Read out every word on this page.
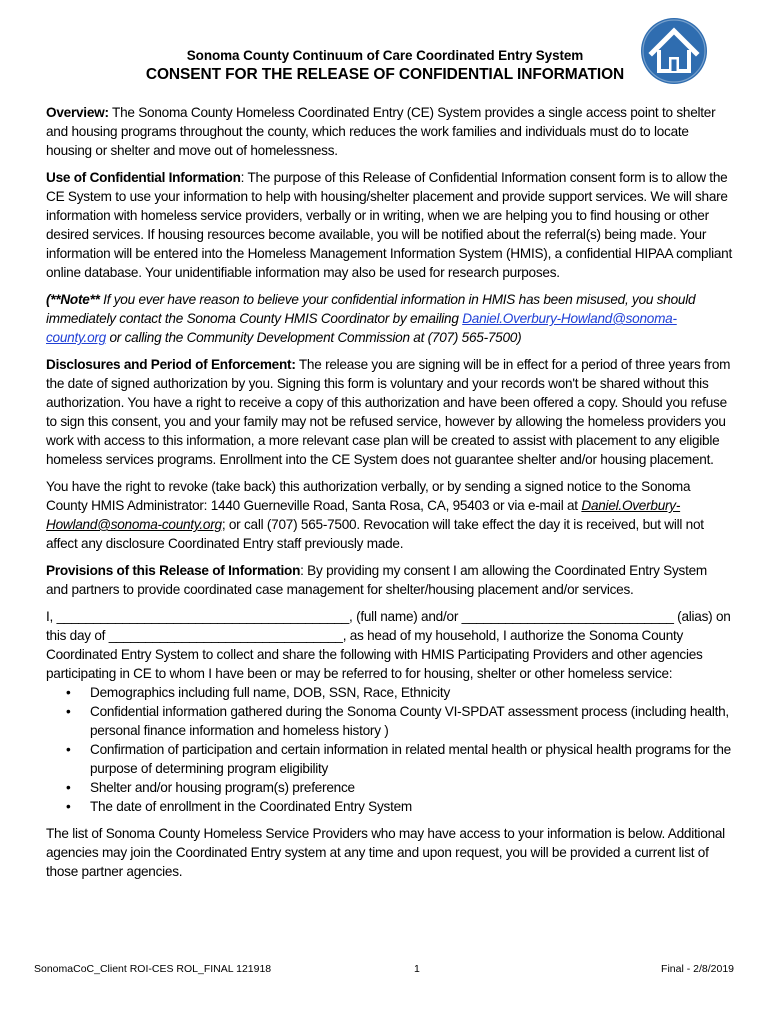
Sonoma County Continuum of Care Coordinated Entry System
CONSENT FOR THE RELEASE OF CONFIDENTIAL INFORMATION

Overview: The Sonoma County Homeless Coordinated Entry (CE) System provides a single access point to shelter and housing programs throughout the county, which reduces the work families and individuals must do to locate housing or shelter and move out of homelessness.

Use of Confidential Information: The purpose of this Release of Confidential Information consent form is to allow the CE System to use your information to help with housing/shelter placement and provide support services. We will share information with homeless service providers, verbally or in writing, when we are helping you to find housing or other desired services. If housing resources become available, you will be notified about the referral(s) being made. Your information will be entered into the Homeless Management Information System (HMIS), a confidential HIPAA compliant online database. Your unidentifiable information may also be used for research purposes.

(**Note** If you ever have reason to believe your confidential information in HMIS has been misused, you should immediately contact the Sonoma County HMIS Coordinator by emailing Daniel.Overbury-Howland@sonoma-county.org or calling the Community Development Commission at (707) 565-7500)

Disclosures and Period of Enforcement: The release you are signing will be in effect for a period of three years from the date of signed authorization by you. Signing this form is voluntary and your records won't be shared without this authorization. You have a right to receive a copy of this authorization and have been offered a copy. Should you refuse to sign this consent, you and your family may not be refused service, however by allowing the homeless providers you work with access to this information, a more relevant case plan will be created to assist with placement to any eligible homeless services programs. Enrollment into the CE System does not guarantee shelter and/or housing placement.

You have the right to revoke (take back) this authorization verbally, or by sending a signed notice to the Sonoma County HMIS Administrator: 1440 Guerneville Road, Santa Rosa, CA, 95403 or via e-mail at Daniel.Overbury-Howland@sonoma-county.org; or call (707) 565-7500. Revocation will take effect the day it is received, but will not affect any disclosure Coordinated Entry staff previously made.

Provisions of this Release of Information: By providing my consent I am allowing the Coordinated Entry System and partners to provide coordinated case management for shelter/housing placement and/or services.

I, ________________________________________, (full name) and/or _____________________________ (alias) on this day of ________________________________, as head of my household, I authorize the Sonoma County Coordinated Entry System to collect and share the following with HMIS Participating Providers and other agencies participating in CE to whom I have been or may be referred to for housing, shelter or other homeless service:

• Demographics including full name, DOB, SSN, Race, Ethnicity
• Confidential information gathered during the Sonoma County VI-SPDAT assessment process (including health, personal finance information and homeless history )
• Confirmation of participation and certain information in related mental health or physical health programs for the purpose of determining program eligibility
• Shelter and/or housing program(s) preference
• The date of enrollment in the Coordinated Entry System

The list of Sonoma County Homeless Service Providers who may have access to your information is below. Additional agencies may join the Coordinated Entry system at any time and upon request, you will be provided a current list of those partner agencies.

SonomaCoC_Client ROI-CES ROL_FINAL 121918	1	Final - 2/8/2019
